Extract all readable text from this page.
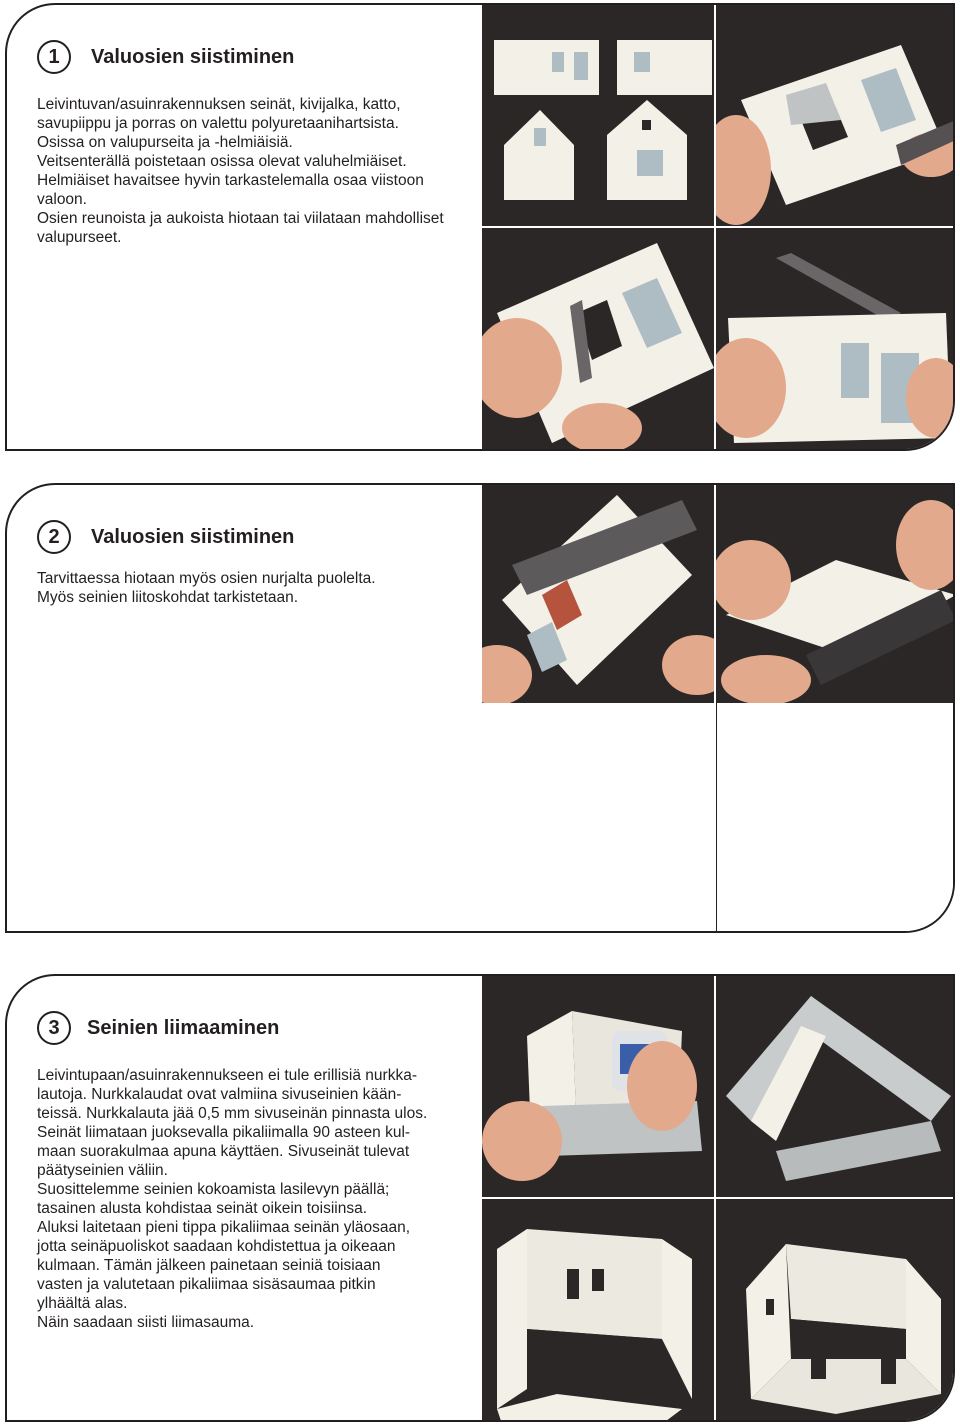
1 Valuosien siistiminen
Leivintuvan/asuinrakennuksen seinät, kivijalka, katto,
savupiippu ja porras on valettu polyuretaanihartsista.
Osissa on valupurseita ja -helmiäisiä.
Veitsenterällä poistetaan osissa olevat valuhelmiäiset.
Helmiäiset havaitsee hyvin tarkastelemalla osaa viistoon
valoon.
Osien reunoista ja aukoista hiotaan tai viilataan mahdolliset
valupurseet.
2 Valuosien siistiminen
Tarvittaessa hiotaan myös osien nurjalta puolelta.
Myös seinien liitoskohdat tarkistetaan.
3 Seinien liimaaminen
Leivintupaan/asuinrakennukseen ei tule erillisiä nurkka-
lautoja. Nurkkalaudat ovat valmiina sivuseinien kään-
teissä. Nurkkalauta jää 0,5 mm sivuseinän pinnasta ulos.
Seinät liimataan juoksevalla pikaliimalla 90 asteen kul-
maan suorakulmaa apuna käyttäen. Sivuseinät tulevat
päätyseinien väliin.
Suosittelemme seinien kokoamista lasilevyn päällä;
tasainen alusta kohdistaa seinät oikein toisiinsa.
Aluksi laitetaan pieni tippa pikaliimaa seinän yläosaan,
jotta seinäpuoliskot saadaan kohdistettua ja oikeaan
kulmaan. Tämän jälkeen painetaan seiniä toisiaan
vasten ja valutetaan pikaliimaa sisäsaumaa pitkin
ylhäältä alas.
Näin saadaan siisti liimasauma.
